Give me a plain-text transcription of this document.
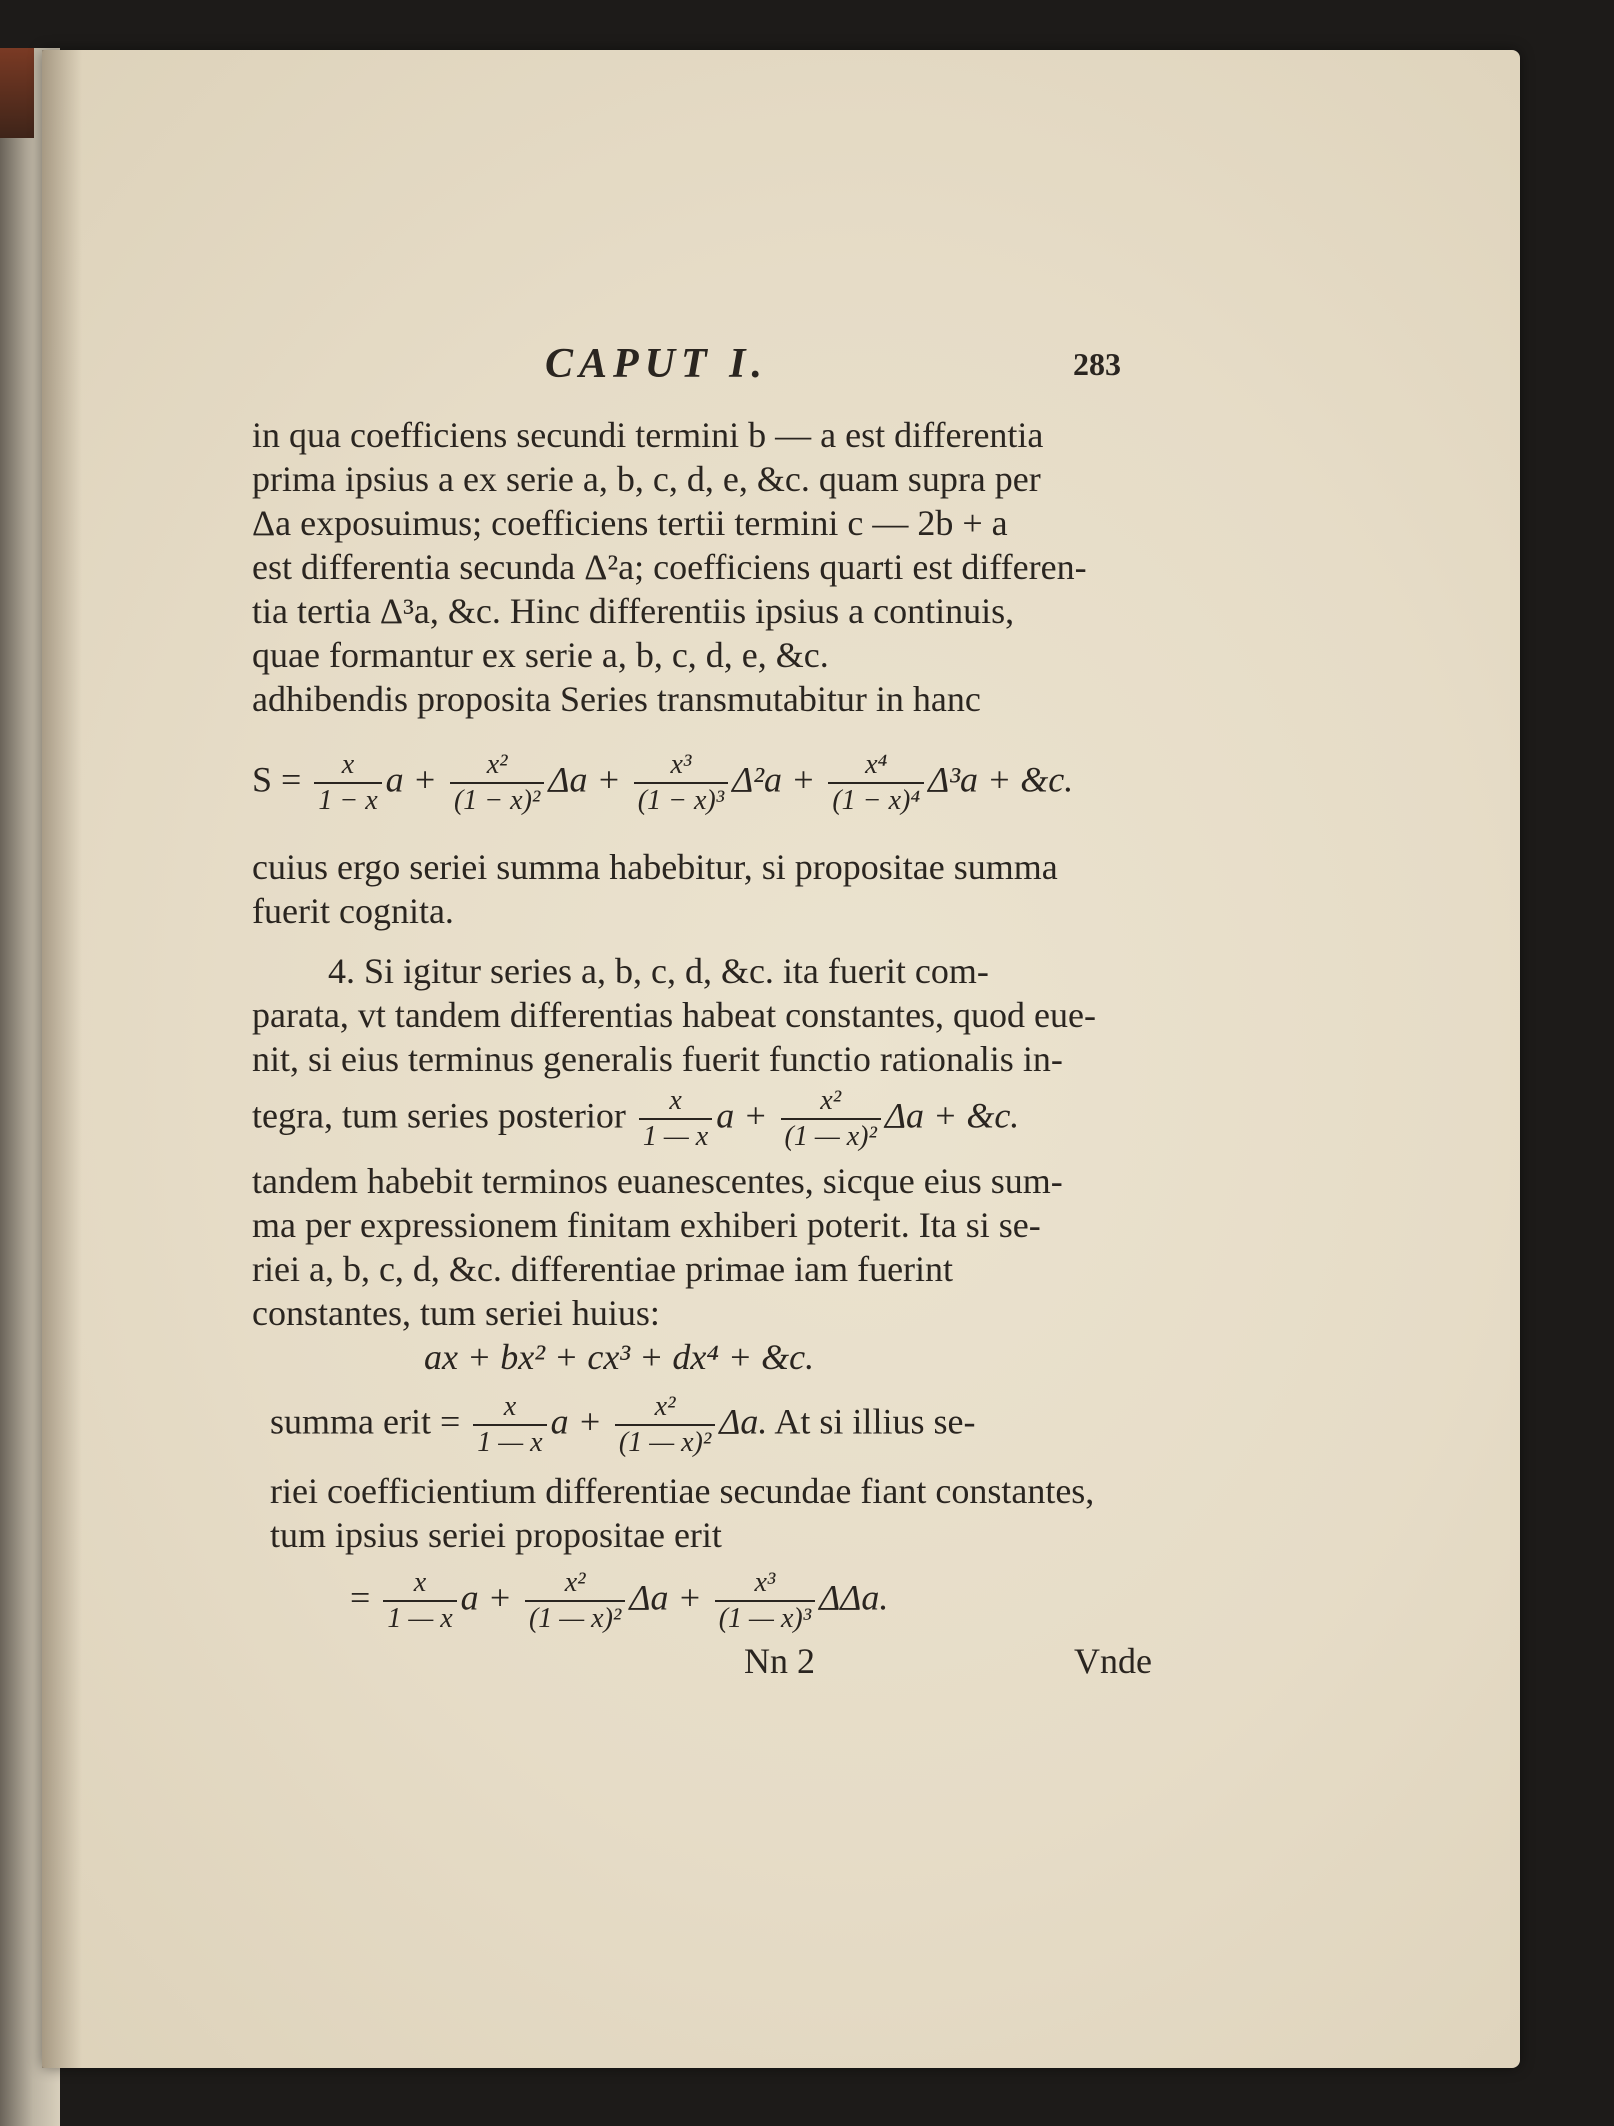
CAPUT I.	283
in qua coefficiens secundi termini b — a est differentia
prima ipsius a ex serie a, b, c, d, e, &c. quam supra per
Δa exposuimus; coefficiens tertii termini c — 2b + a
est differentia secunda Δ²a; coefficiens quarti est differen-
tia tertia Δ³a, &c. Hinc differentiis ipsius a continuis,
quae formantur ex serie a, b, c, d, e, &c.
adhibendis proposita Series transmutabitur in hanc
$S = \frac{x}{1 - x}$ $a + \frac{\text{x²}}{\text{(1 − x)²}}$ $\Delta a + \frac{\text{x³}}{\text{(1 − x)³}} \Delta^2a + \frac{\text{x⁴}}{\text{(1 − x)⁴}} \Delta^3a$ + &c.
cuius ergo seriei summa habebitur, si propositae summa
fuerit cognita.
4. Si igitur series a, b, c, d, &c. ita fuerit com-
parata, vt tandem differentias habeat constantes, quod eue-
nit, si eius terminus generalis fuerit functio rationalis in-
tegra, tum series posterior $\frac{x}{1 — x}$ $a + \frac{\text{x²}}{\text{(1 — x)²}}$ Δa + &c.
tandem habebit terminos euanescentes, sicque eius sum-
ma per expressionem finitam exhiberi poterit. Ita si se-
riei a, b, c, d, &c. differentiae primae iam fuerint
constantes, tum seriei huius:
ax + bx² + cx³ + dx⁴ + &c.
summa erit = $\frac{x}{1 — x}$ $a + \frac{\text{x²}}{\text{(1 — x)²}} \Delta a$. At si illius se-
riei coefficientium differentiae secundae fiant constantes,
tum ipsius seriei propositae erit
= $\frac{x}{1 — x}$ $a + \frac{\text{x²}}{\text{(1 — x)²}}$ $\Delta a + \frac{\text{x³}}{\text{(1 — x)³}} \Delta\Delta a$.
Nn 2	Vnde
